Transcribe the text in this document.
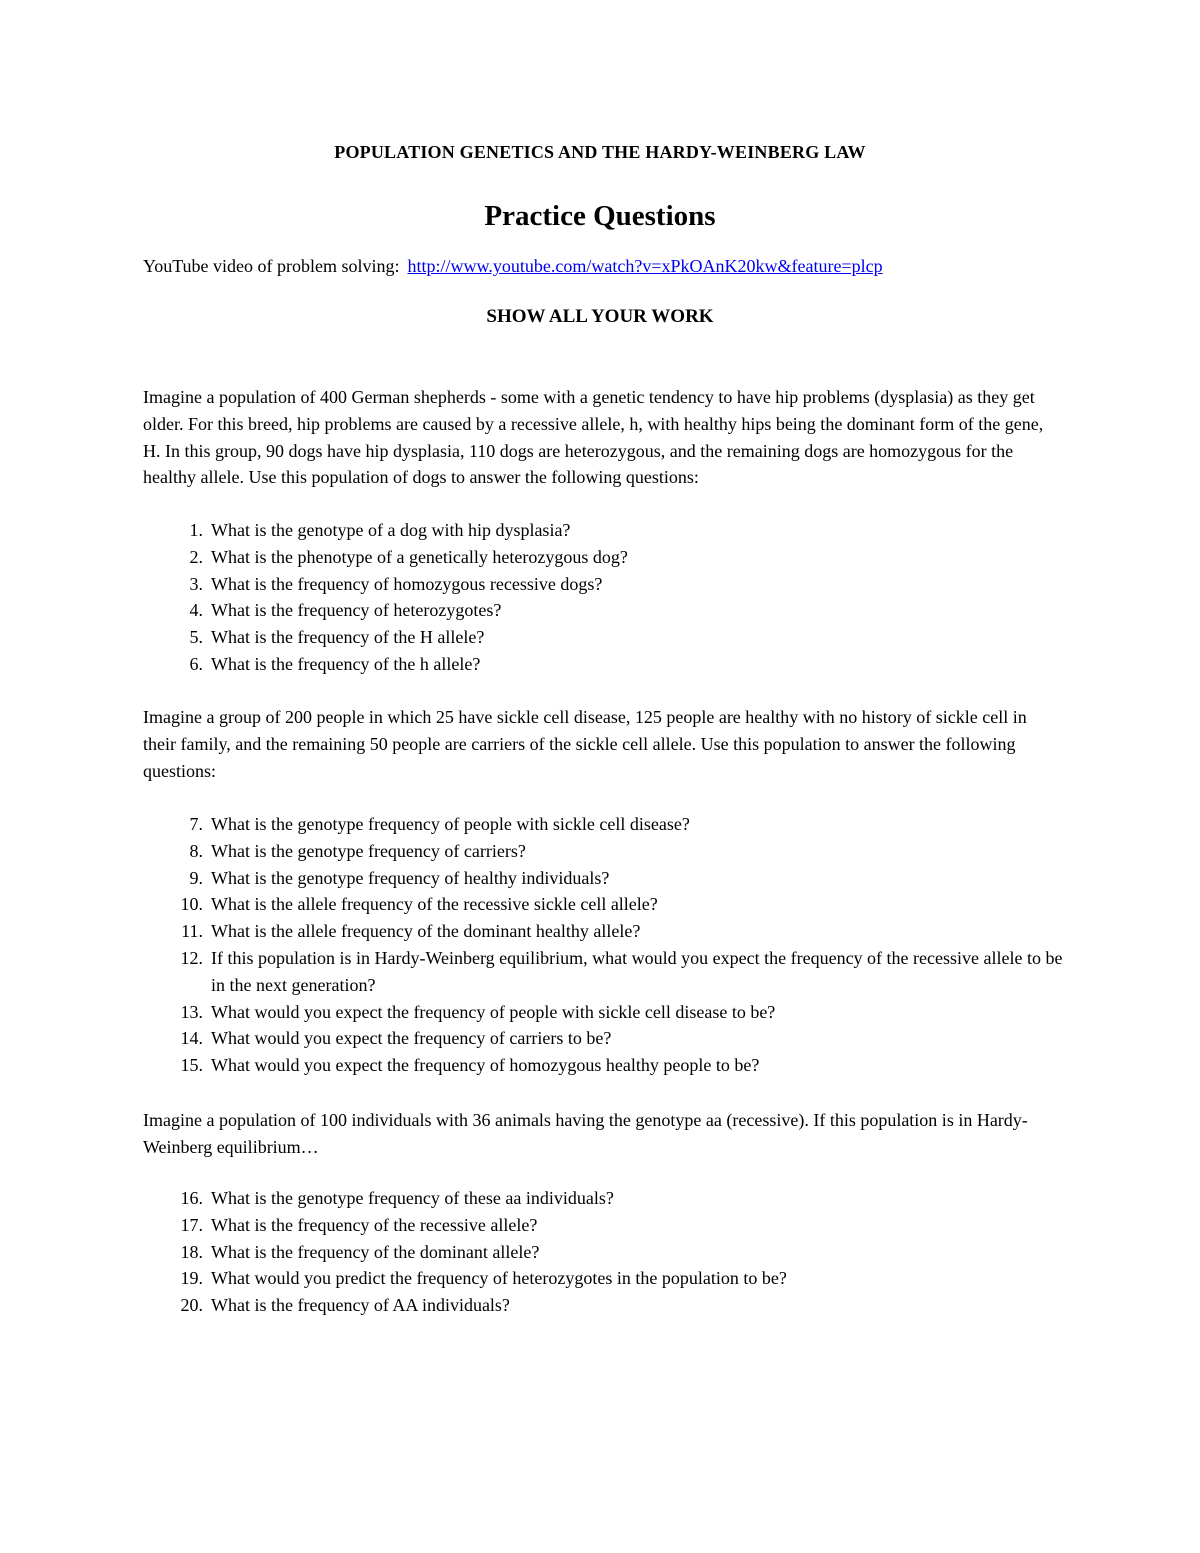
POPULATION GENETICS AND THE HARDY-WEINBERG LAW
Practice Questions
YouTube video of problem solving: http://www.youtube.com/watch?v=xPkOAnK20kw&feature=plcp
SHOW ALL YOUR WORK

Imagine a population of 400 German shepherds - some with a genetic tendency to have hip problems (dysplasia) as they get older. For this breed, hip problems are caused by a recessive allele, h, with healthy hips being the dominant form of the gene, H. In this group, 90 dogs have hip dysplasia, 110 dogs are heterozygous, and the remaining dogs are homozygous for the healthy allele. Use this population of dogs to answer the following questions:

1. What is the genotype of a dog with hip dysplasia?
2. What is the phenotype of a genetically heterozygous dog?
3. What is the frequency of homozygous recessive dogs?
4. What is the frequency of heterozygotes?
5. What is the frequency of the H allele?
6. What is the frequency of the h allele?

Imagine a group of 200 people in which 25 have sickle cell disease, 125 people are healthy with no history of sickle cell in their family, and the remaining 50 people are carriers of the sickle cell allele. Use this population to answer the following questions:

7. What is the genotype frequency of people with sickle cell disease?
8. What is the genotype frequency of carriers?
9. What is the genotype frequency of healthy individuals?
10. What is the allele frequency of the recessive sickle cell allele?
11. What is the allele frequency of the dominant healthy allele?
12. If this population is in Hardy-Weinberg equilibrium, what would you expect the frequency of the recessive allele to be in the next generation?
13. What would you expect the frequency of people with sickle cell disease to be?
14. What would you expect the frequency of carriers to be?
15. What would you expect the frequency of homozygous healthy people to be?

Imagine a population of 100 individuals with 36 animals having the genotype aa (recessive). If this population is in Hardy-Weinberg equilibrium…

16. What is the genotype frequency of these aa individuals?
17. What is the frequency of the recessive allele?
18. What is the frequency of the dominant allele?
19. What would you predict the frequency of heterozygotes in the population to be?
20. What is the frequency of AA individuals?
